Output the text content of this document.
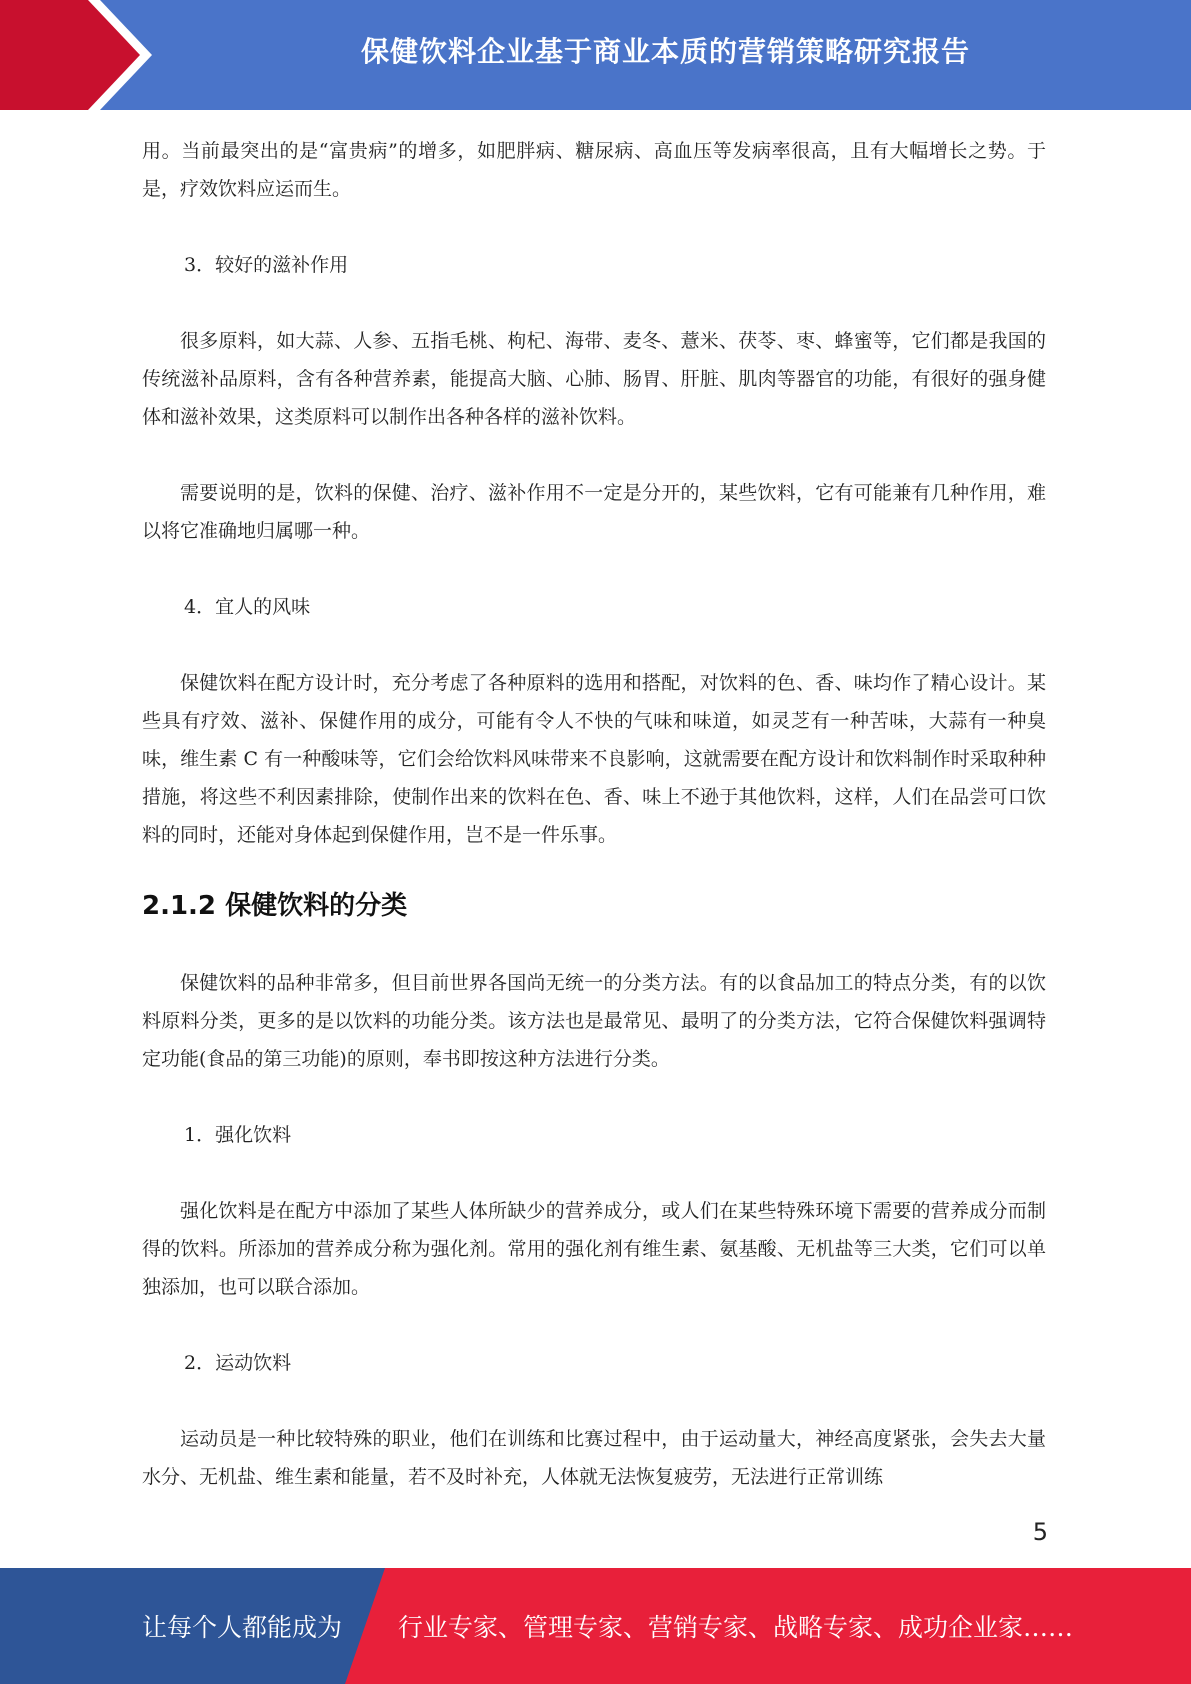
保健饮料企业基于商业本质的营销策略研究报告

用。当前最突出的是“富贵病”的增多，如肥胖病、糖尿病、高血压等发病率很高，且有大幅增长之势。于是，疗效饮料应运而生。

3．较好的滋补作用

很多原料，如大蒜、人参、五指毛桃、枸杞、海带、麦冬、薏米、茯苓、枣、蜂蜜等，它们都是我国的传统滋补品原料，含有各种营养素，能提高大脑、心肺、肠胃、肝脏、肌肉等器官的功能，有很好的强身健体和滋补效果，这类原料可以制作出各种各样的滋补饮料。

需要说明的是，饮料的保健、治疗、滋补作用不一定是分开的，某些饮料，它有可能兼有几种作用，难以将它准确地归属哪一种。

4．宜人的风味

保健饮料在配方设计时，充分考虑了各种原料的选用和搭配，对饮料的色、香、味均作了精心设计。某些具有疗效、滋补、保健作用的成分，可能有令人不快的气味和味道，如灵芝有一种苦味，大蒜有一种臭味，维生素 C 有一种酸味等，它们会给饮料风味带来不良影响，这就需要在配方设计和饮料制作时采取种种措施，将这些不利因素排除，使制作出来的饮料在色、香、味上不逊于其他饮料，这样，人们在品尝可口饮料的同时，还能对身体起到保健作用，岂不是一件乐事。

2.1.2 保健饮料的分类

保健饮料的品种非常多，但目前世界各国尚无统一的分类方法。有的以食品加工的特点分类，有的以饮料原料分类，更多的是以饮料的功能分类。该方法也是最常见、最明了的分类方法，它符合保健饮料强调特定功能(食品的第三功能)的原则，奉书即按这种方法进行分类。

1．强化饮料

强化饮料是在配方中添加了某些人体所缺少的营养成分，或人们在某些特殊环境下需要的营养成分而制得的饮料。所添加的营养成分称为强化剂。常用的强化剂有维生素、氨基酸、无机盐等三大类，它们可以单独添加，也可以联合添加。

2．运动饮料

运动员是一种比较特殊的职业，他们在训练和比赛过程中，由于运动量大，神经高度紧张，会失去大量水分、无机盐、维生素和能量，若不及时补充，人体就无法恢复疲劳，无法进行正常训练

5
让每个人都能成为 行业专家、管理专家、营销专家、战略专家、成功企业家……
